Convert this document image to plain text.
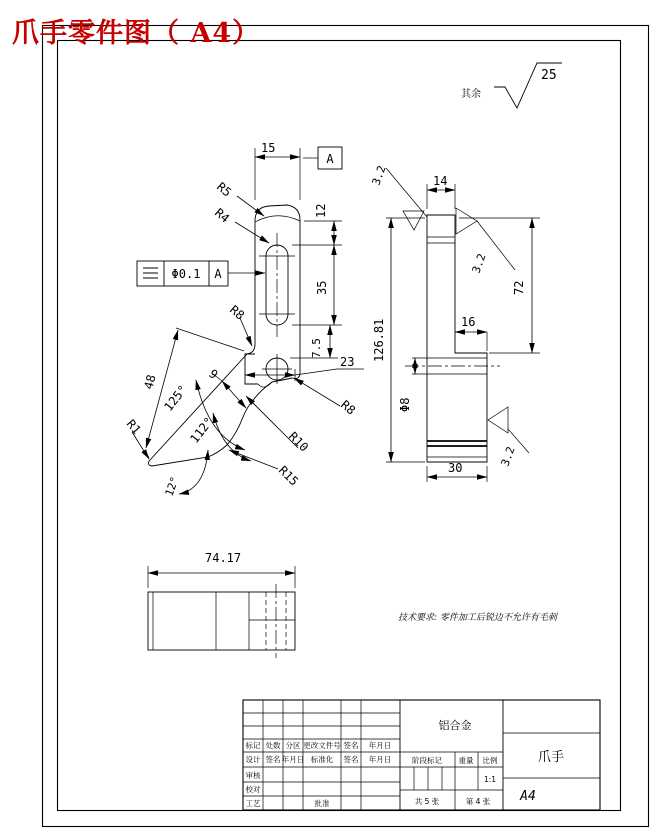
爪手零件图（ A4）
其余
25
15
A
12
35
7.5
23
9
48
125°
112°
12°
R5
R4
R8
R8
R10
R15
R1
Φ0.1 A
14
16
72
126.81
Φ8
30
3.2
3.2
3.2
74.17
技术要求: 零件加工后锐边不允许有毛刺
标记 处数 分区 更改文件号 签名 年月日
设计 签名 年月日 标准化 签名 年月日
审核
校对
工艺	批准
阶段标记 重量 比例
1:1
共 5 张	第 4 张
铝合金
爪手
A4
